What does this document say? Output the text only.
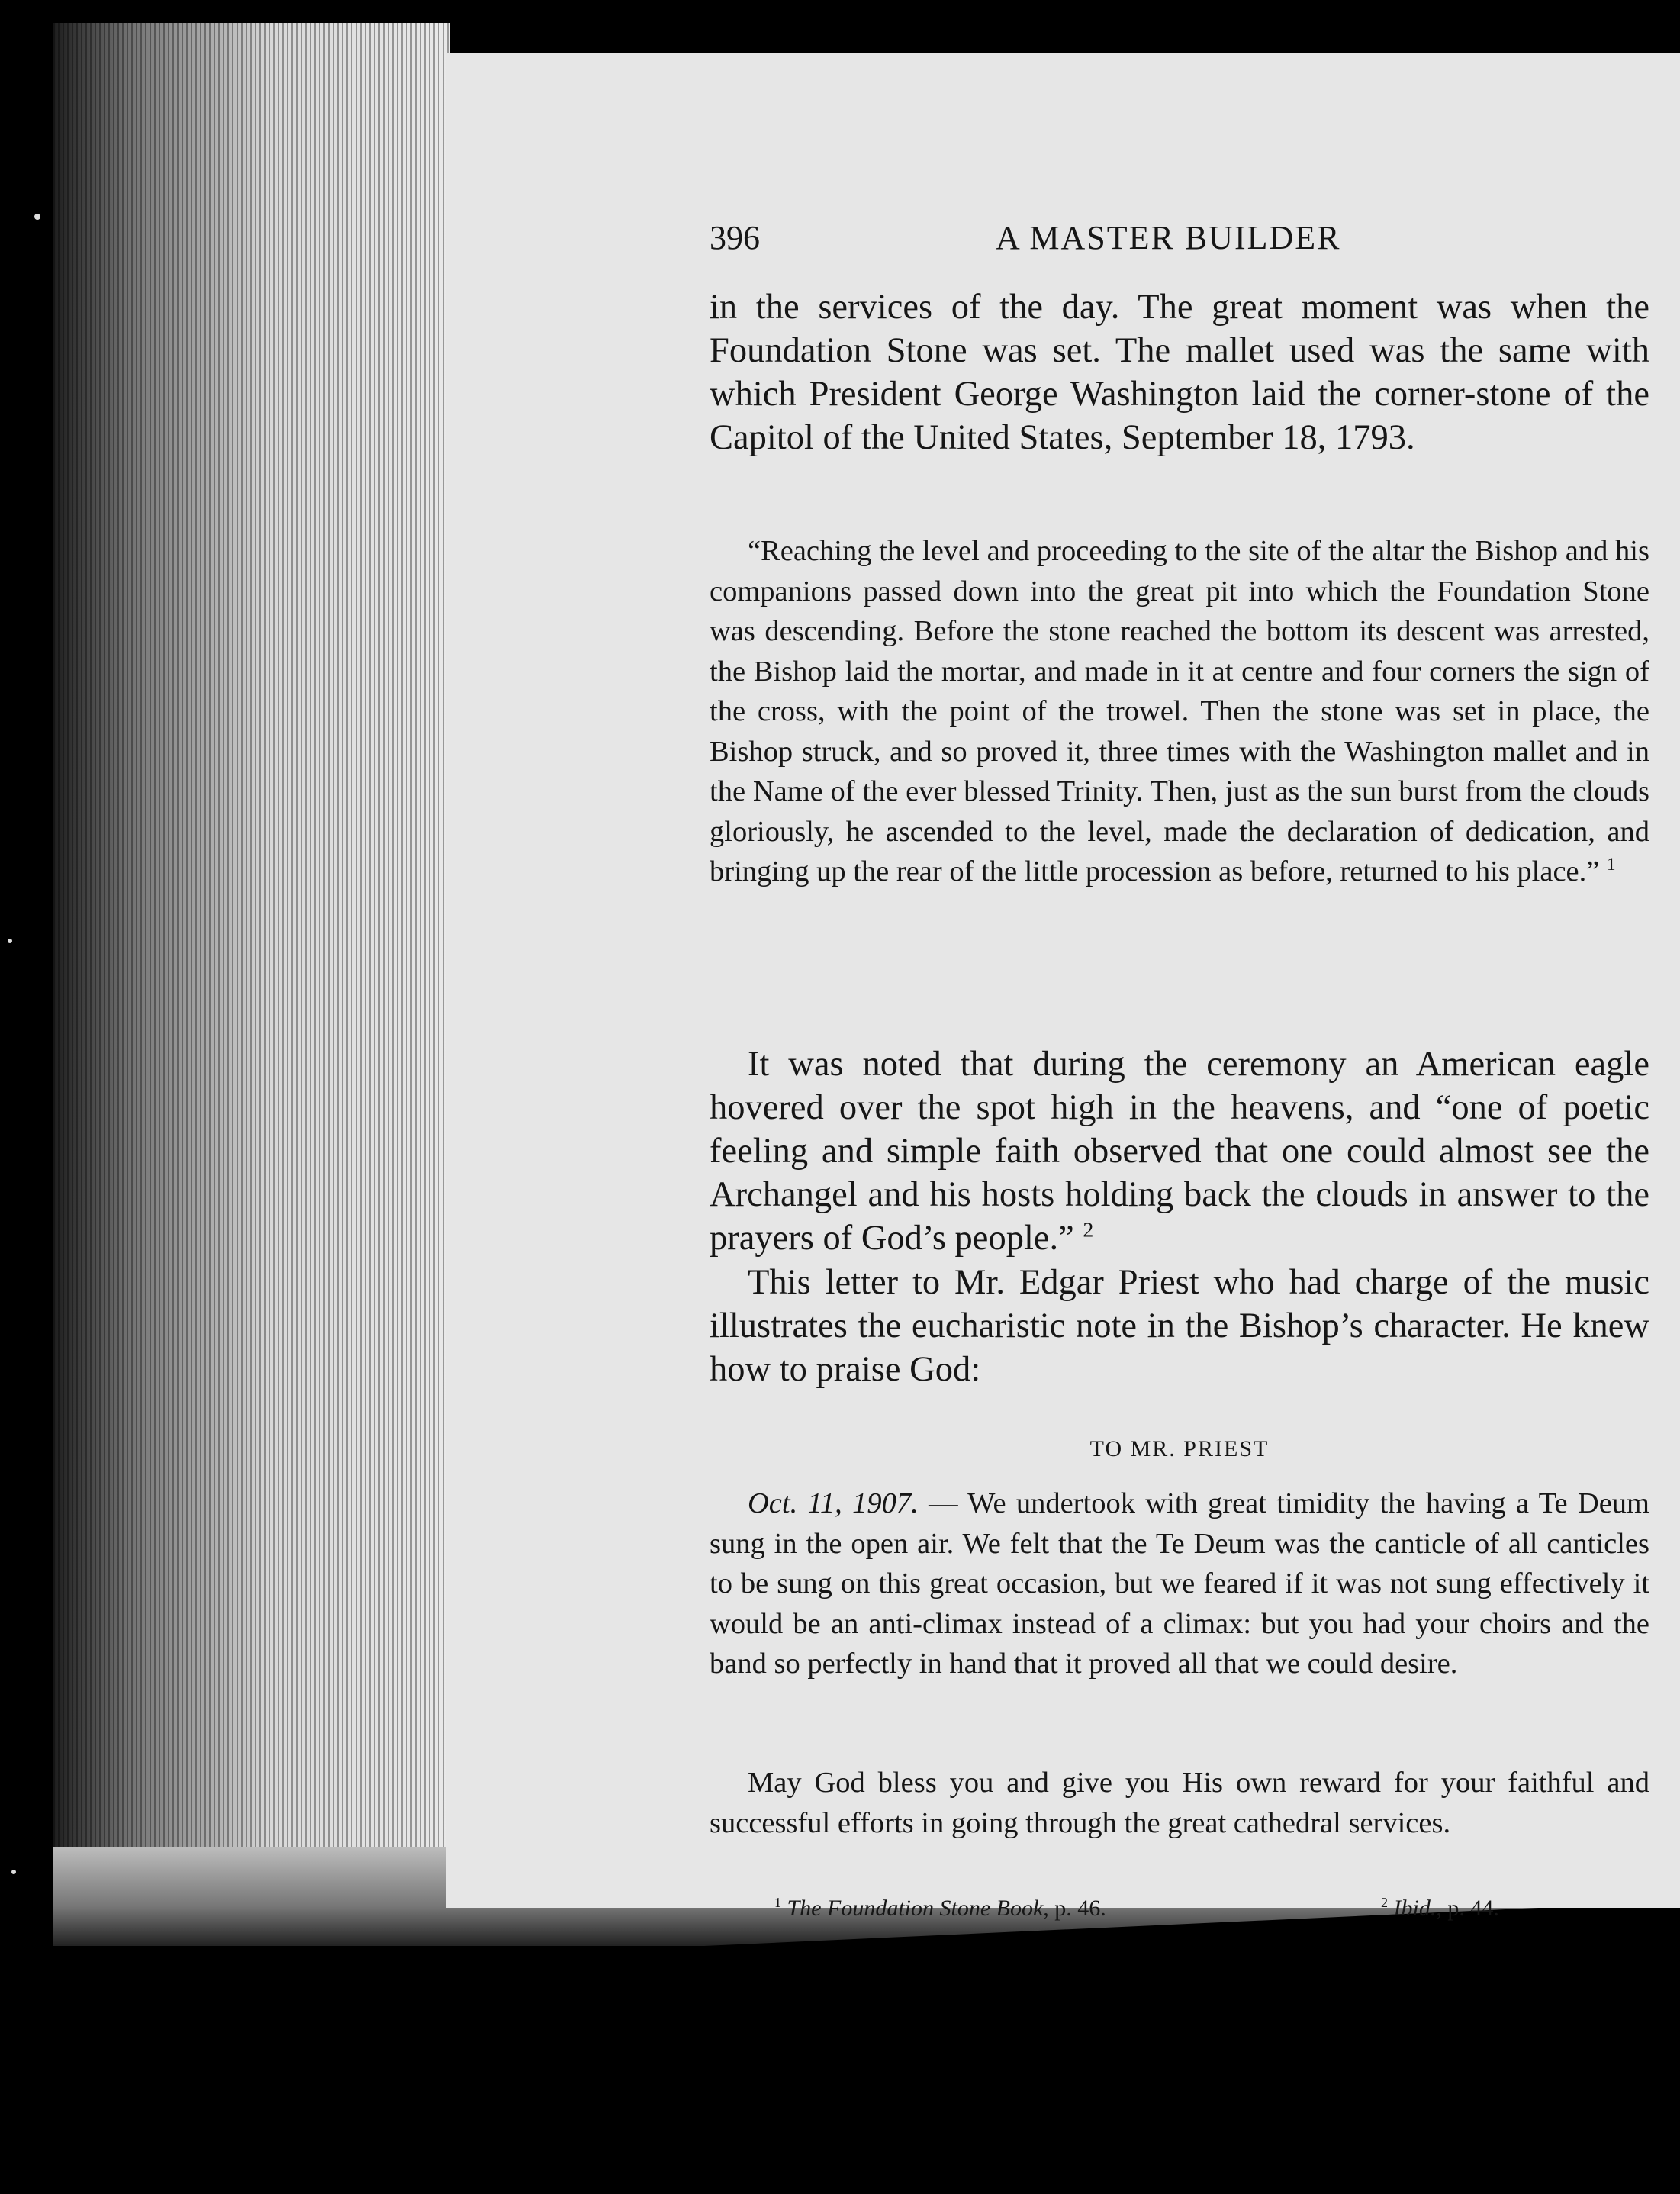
396	A MASTER BUILDER

in the services of the day. The great moment was when the Foundation Stone was set. The mallet used was the same with which President George Washington laid the corner-stone of the Capitol of the United States, September 18, 1793.

“Reaching the level and proceeding to the site of the altar the Bishop and his companions passed down into the great pit into which the Foundation Stone was descending. Before the stone reached the bottom its descent was arrested, the Bishop laid the mortar, and made in it at centre and four corners the sign of the cross, with the point of the trowel. Then the stone was set in place, the Bishop struck, and so proved it, three times with the Washington mallet and in the Name of the ever blessed Trinity. Then, just as the sun burst from the clouds gloriously, he ascended to the level, made the declaration of dedication, and bringing up the rear of the little procession as before, returned to his place.” $^1$

It was noted that during the ceremony an American eagle hovered over the spot high in the heavens, and “one of poetic feeling and simple faith observed that one could almost see the Archangel and his hosts holding back the clouds in answer to the prayers of God’s people.” $^2$

This letter to Mr. Edgar Priest who had charge of the music illustrates the eucharistic note in the Bishop’s character. He knew how to praise God:

TO MR. PRIEST

Oct. 11, 1907. — We undertook with great timidity the having a Te Deum sung in the open air. We felt that the Te Deum was the canticle of all canticles to be sung on this great occasion, but we feared if it was not sung effectively it would be an anti-climax instead of a climax: but you had your choirs and the band so perfectly in hand that it proved all that we could desire.

May God bless you and give you His own reward for your faithful and successful efforts in going through the great cathedral services.

$^1$ The Foundation Stone Book, p. 46.	$^2$ Ibid., p. 44.
